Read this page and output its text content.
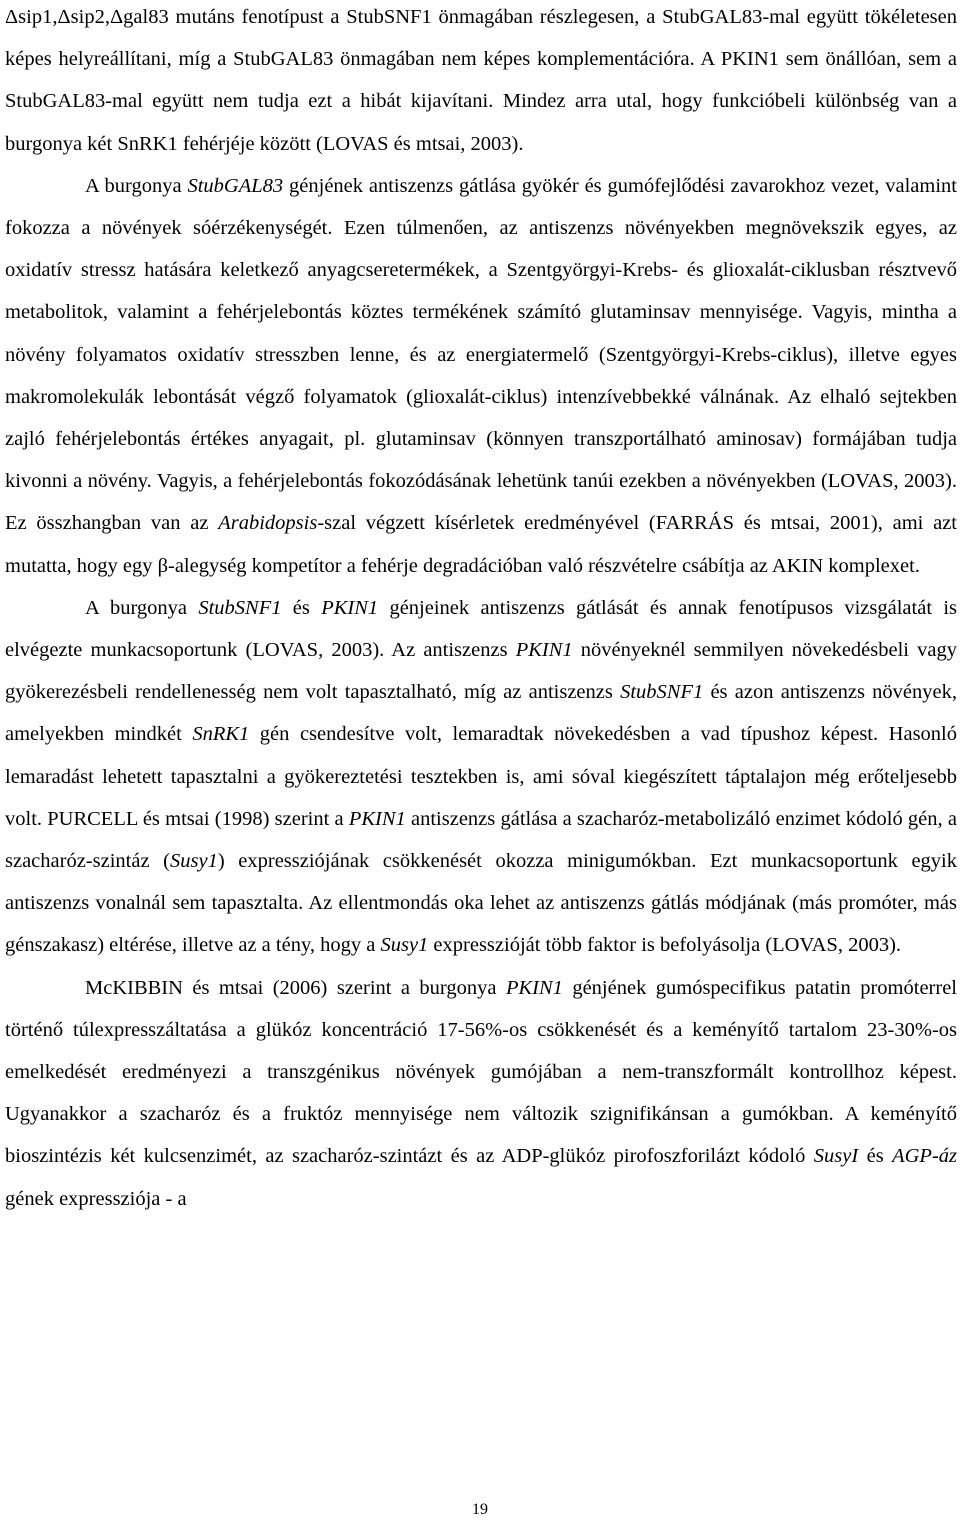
Δsip1,Δsip2,Δgal83 mutáns fenotípust a StubSNF1 önmagában részlegesen, a StubGAL83-mal együtt tökéletesen képes helyreállítani, míg a StubGAL83 önmagában nem képes komplementációra. A PKIN1 sem önállóan, sem a StubGAL83-mal együtt nem tudja ezt a hibát kijavítani. Mindez arra utal, hogy funkcióbeli különbség van a burgonya két SnRK1 fehérjéje között (LOVAS és mtsai, 2003).

A burgonya StubGAL83 génjének antiszenzs gátlása gyökér és gumófejlődési zavarokhoz vezet, valamint fokozza a növények sóérzékenységét. Ezen túlmenően, az antiszenzs növényekben megnövekszik egyes, az oxidatív stressz hatására keletkező anyagcseretermékek, a Szentgyörgyi-Krebs- és glioxalát-ciklusban résztvevő metabolitok, valamint a fehérjelebontás köztes termékének számító glutaminsav mennyisége. Vagyis, mintha a növény folyamatos oxidatív stresszben lenne, és az energiatermelő (Szentgyörgyi-Krebs-ciklus), illetve egyes makromolekulák lebontását végző folyamatok (glioxalát-ciklus) intenzívebbekké válnának. Az elhaló sejtekben zajló fehérjelebontás értékes anyagait, pl. glutaminsav (könnyen transzportálható aminosav) formájában tudja kivonni a növény. Vagyis, a fehérjelebontás fokozódásának lehetünk tanúi ezekben a növényekben (LOVAS, 2003). Ez összhangban van az Arabidopsis-szal végzett kísérletek eredményével (FARRÁS és mtsai, 2001), ami azt mutatta, hogy egy β-alegység kompetítor a fehérje degradációban való részvételre csábítja az AKIN komplexet.

A burgonya StubSNF1 és PKIN1 génjeinek antiszenzs gátlását és annak fenotípusos vizsgálatát is elvégezte munkacsoportunk (LOVAS, 2003). Az antiszenzs PKIN1 növényeknél semmilyen növekedésbeli vagy gyökerezésbeli rendellenesség nem volt tapasztalható, míg az antiszenzs StubSNF1 és azon antiszenzs növények, amelyekben mindkét SnRK1 gén csendesítve volt, lemaradtak növekedésben a vad típushoz képest. Hasonló lemaradást lehetett tapasztalni a gyökereztetési tesztekben is, ami sóval kiegészített táptalajon még erőteljesebb volt. PURCELL és mtsai (1998) szerint a PKIN1 antiszenzs gátlása a szacharóz-metabolizáló enzimet kódoló gén, a szacharóz-szintáz (Susy1) expressziójának csökkenését okozza minigumókban. Ezt munkacsoportunk egyik antiszenzs vonalnál sem tapasztalta. Az ellentmondás oka lehet az antiszenzs gátlás módjának (más promóter, más génszakasz) eltérése, illetve az a tény, hogy a Susy1 expresszióját több faktor is befolyásolja (LOVAS, 2003).

McKIBBIN és mtsai (2006) szerint a burgonya PKIN1 génjének gumóspecifikus patatin promóterrel történő túlexpresszáltatása a glükóz koncentráció 17-56%-os csökkenését és a keményítő tartalom 23-30%-os emelkedését eredményezi a transzgénikus növények gumójában a nem-transzformált kontrollhoz képest. Ugyanakkor a szacharóz és a fruktóz mennyisége nem változik szignifikánsan a gumókban. A keményítő bioszintézis két kulcsenzimét, az szacharóz-szintázt és az ADP-glükóz pirofoszforilázt kódoló SusyI és AGP-áz gének expressziója - a

19
